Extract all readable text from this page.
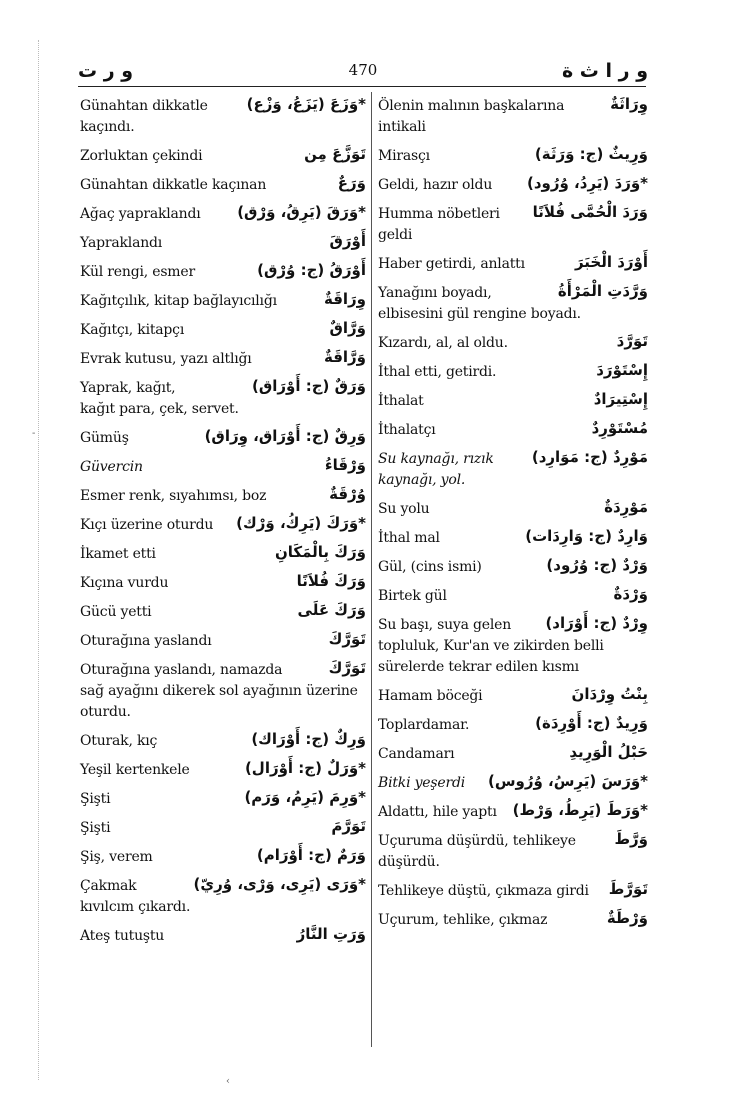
-
و ر ت	470	و ر ا ث ة
*وَزَعَ (يَزَعُ، وَزْع)
Günahtan dikkatle
kaçındı.
تَوَزَّعَ مِن
Zorluktan çekindi
وَرَعٌ
Günahtan dikkatle kaçınan
*وَرَقَ (يَرِقُ، وَرْق)
Ağaç yapraklandı
أَوْرَقَ
Yapraklandı
أَوْرَقُ (ج: وُرْق)
Kül rengi, esmer
وِرَاقَةٌ
Kağıtçılık, kitap bağlayıcılığı
وَرَّاقٌ
Kağıtçı, kitapçı
وَرَّاقَةٌ
Evrak kutusu, yazı altlığı
وَرَقٌ (ج: أَوْرَاق)
Yaprak, kağıt,
kağıt para, çek, servet.
وَرِقٌ (ج: أَوْرَاق، وِرَاق)
Gümüş
وَرْقَاءُ
Güvercin
وُرْقَةٌ
Esmer renk, sıyahımsı, boz
*وَرَكَ (يَرِكُ، وَرْك)
Kıçı üzerine oturdu
وَرَكَ بِالْمَكَانِ
İkamet etti
وَرَكَ فُلاَنًا
Kıçına vurdu
وَرَكَ عَلَى
Gücü yetti
تَوَرَّكَ
Oturağına yaslandı
تَوَرَّكَ
Oturağına yaslandı, namazda
sağ ayağını dikerek sol ayağının üzerine oturdu.
وَرِكٌ (ج: أَوْرَاك)
Oturak, kıç
*وَرَلٌ (ج: أَوْرَال)
Yeşil kertenkele
*وَرِمَ (يَرِمُ، وَرَم)
Şişti
تَوَرَّمَ
Şişti
وَرَمٌ (ج: أَوْرَام)
Şiş, verem
*وَرَى (يَرِى، وَرْى، وُرِيّ)
Çakmak
kıvılcım çıkardı.
وَرَتِ النَّارُ
Ateş tutuştu
وِرَاثَةٌ
Ölenin malının başkalarına
intikali
وَرِيثٌ (ج: وَرَثَة)
Mirasçı
*وَرَدَ (يَرِدُ، وُرُود)
Geldi, hazır oldu
وَرَدَ الْحُمَّى فُلاَنًا
Humma nöbetleri
geldi
أَوْرَدَ الْخَبَرَ
Haber getirdi, anlattı
وَرَّدَتِ الْمَرْأَةُ
Yanağını boyadı,
elbisesini gül rengine boyadı.
تَوَرَّدَ
Kızardı, al, al oldu.
إِسْتَوْرَدَ
İthal etti, getirdi.
إِسْتِيرَادٌ
İthalat
مُسْتَوْرِدٌ
İthalatçı
مَوْرِدٌ (ج: مَوَارِد)
Su kaynağı, rızık
kaynağı, yol.
مَوْرِدَةٌ
Su yolu
وَارِدٌ (ج: وَارِدَات)
İthal mal
وَرْدٌ (ج: وُرُود)
Gül, (cins ismi)
وَرْدَةٌ
Birtek gül
وِرْدٌ (ج: أَوْرَاد)
Su başı, suya gelen
topluluk, Kur'an ve zikirden belli sürelerde tekrar edilen kısmı
بِنْتُ وِرْدَانَ
Hamam böceği
وَرِيدٌ (ج: أَوْرِدَة)
Toplardamar.
حَبْلُ الْوَرِيدِ
Candamarı
*وَرَسَ (يَرِسُ، وُرُوس)
Bitki yeşerdi
*وَرَطَ (يَرِطُ، وَرْط)
Aldattı, hile yaptı
وَرَّطَ
Uçuruma düşürdü, tehlikeye
düşürdü.
تَوَرَّطَ
Tehlikeye düştü, çıkmaza girdi
وَرْطَةٌ
Uçurum, tehlike, çıkmaz
‹
